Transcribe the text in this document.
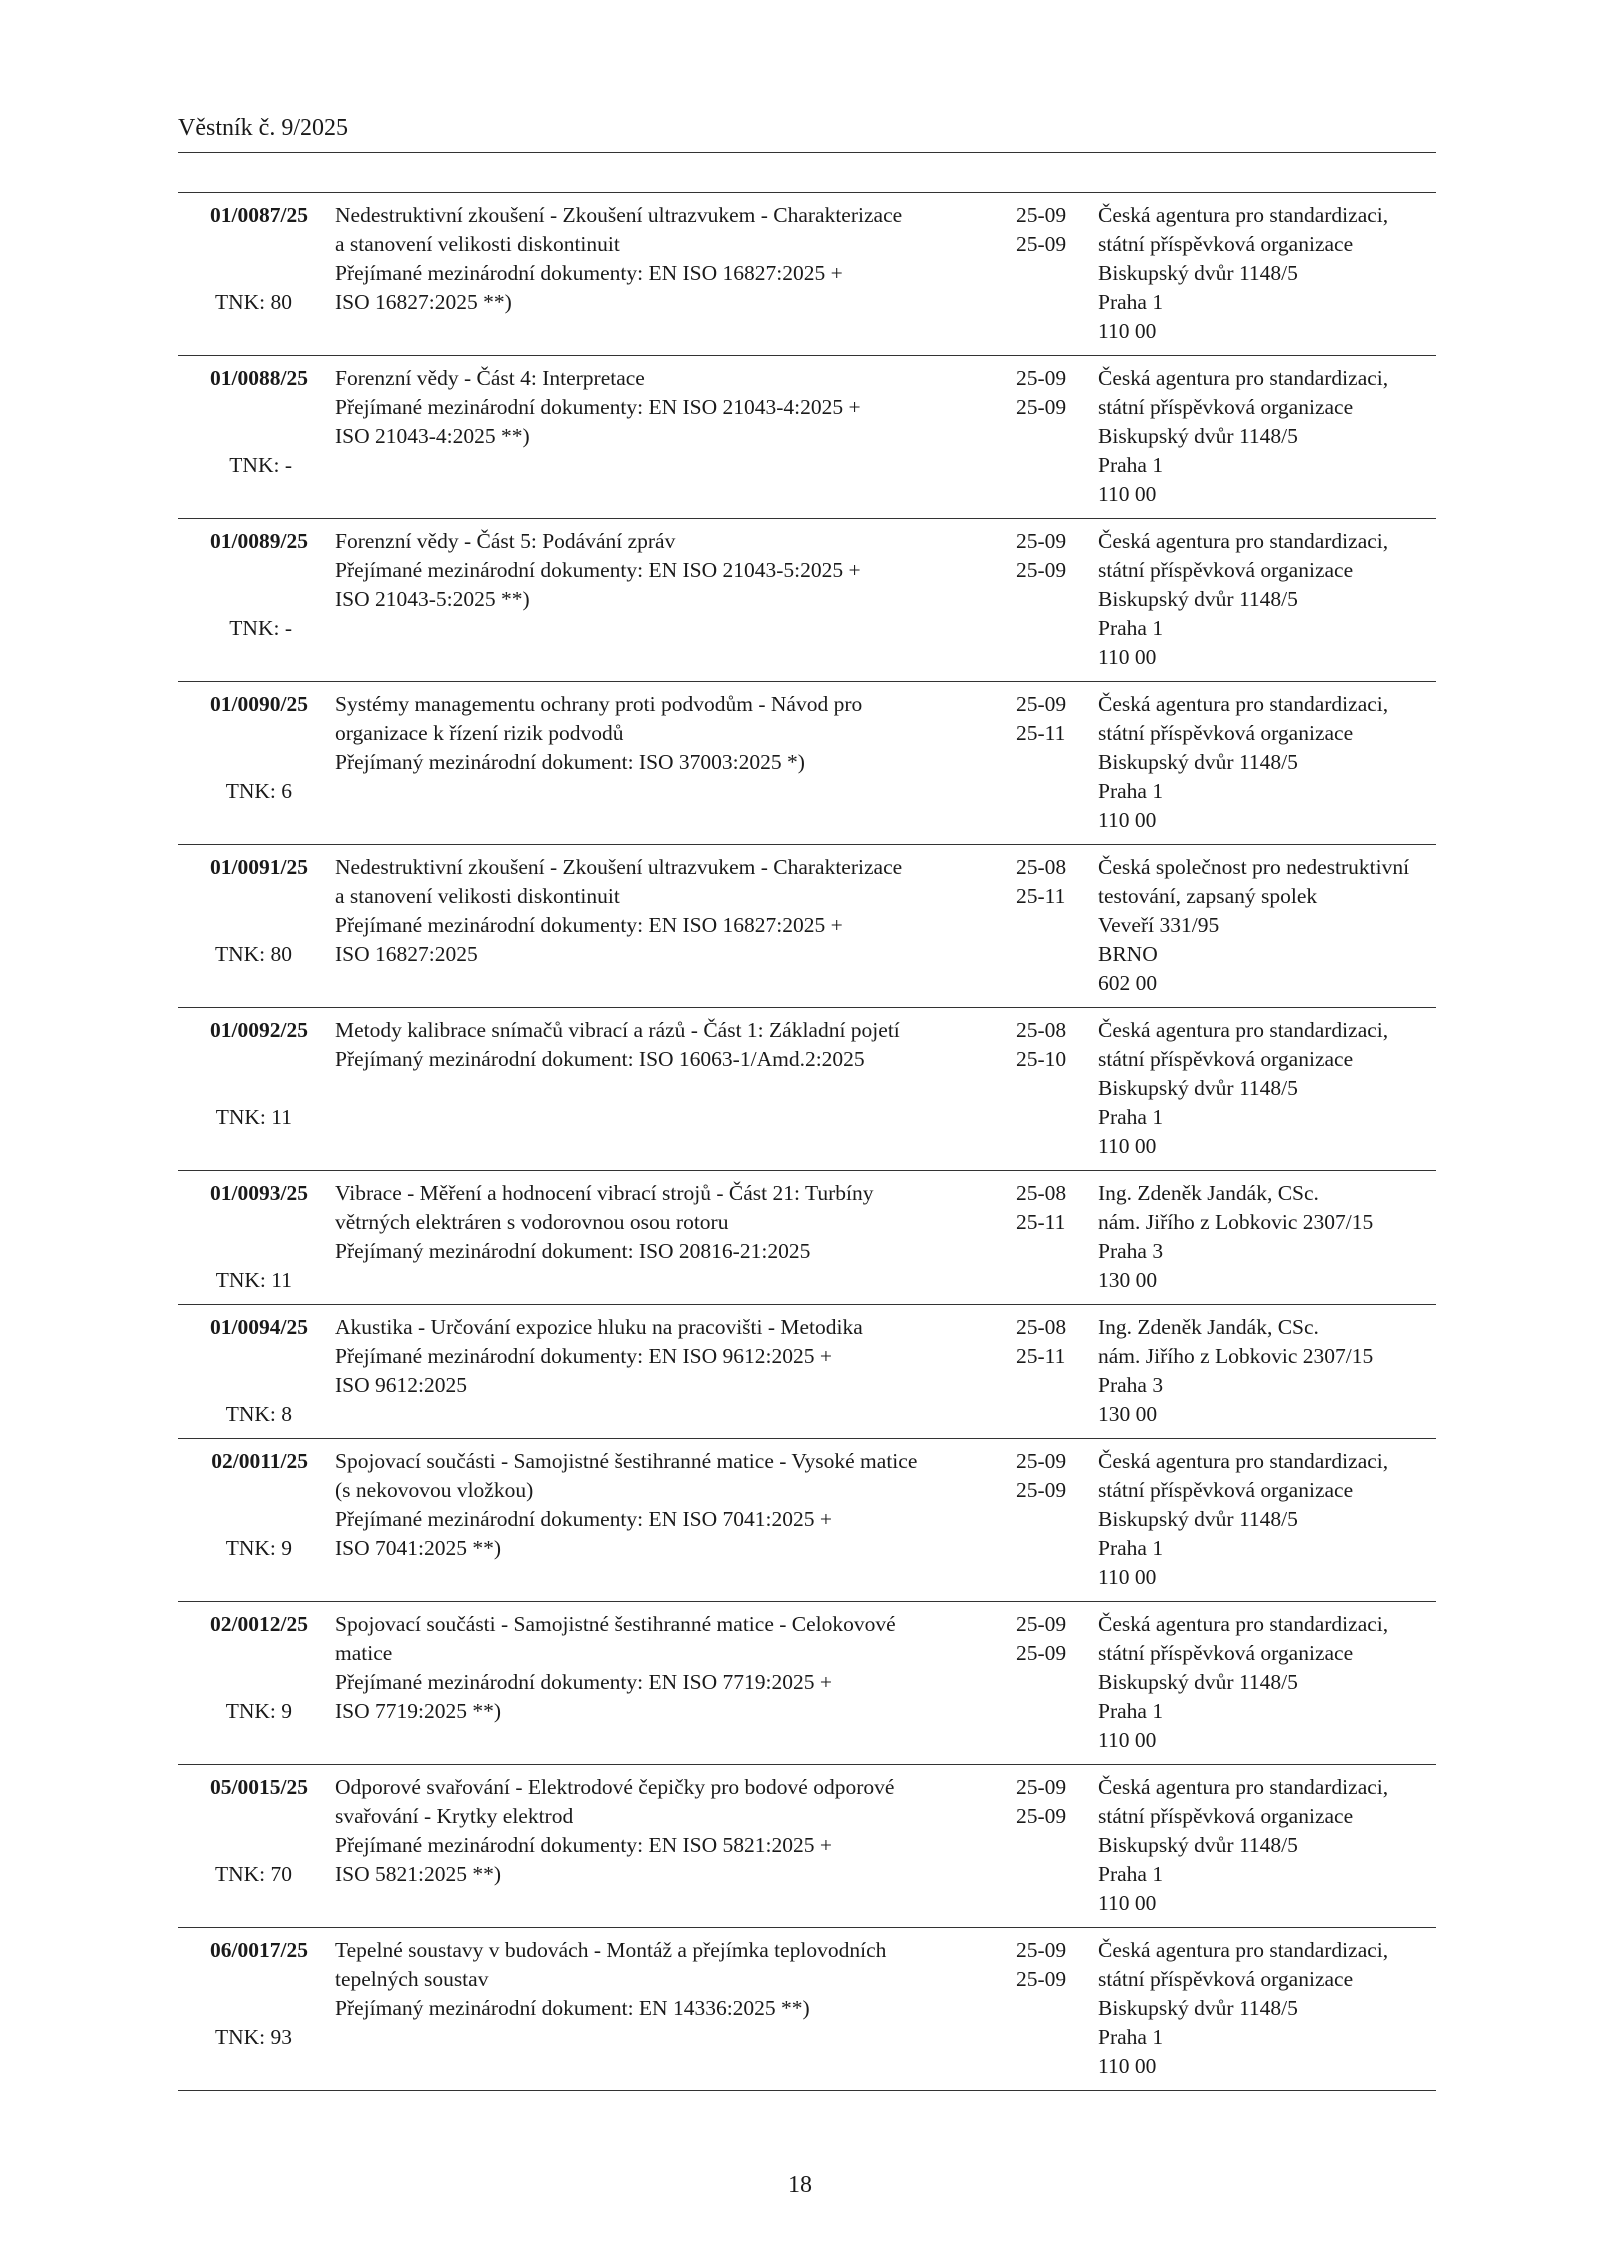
Věstník č. 9/2025
01/0087/25
TNK: 80
Nedestruktivní zkoušení - Zkoušení ultrazvukem - Charakterizace
a stanovení velikosti diskontinuit
Přejímané mezinárodní dokumenty: EN ISO 16827:2025 +
ISO 16827:2025 **)
25-09
25-09
Česká agentura pro standardizaci,
státní příspěvková organizace
Biskupský dvůr 1148/5
Praha 1
110 00
01/0088/25
TNK: -
Forenzní vědy - Část 4: Interpretace
Přejímané mezinárodní dokumenty: EN ISO 21043-4:2025 +
ISO 21043-4:2025 **)
25-09
25-09
Česká agentura pro standardizaci,
státní příspěvková organizace
Biskupský dvůr 1148/5
Praha 1
110 00
01/0089/25
TNK: -
Forenzní vědy - Část 5: Podávání zpráv
Přejímané mezinárodní dokumenty: EN ISO 21043-5:2025 +
ISO 21043-5:2025 **)
25-09
25-09
Česká agentura pro standardizaci,
státní příspěvková organizace
Biskupský dvůr 1148/5
Praha 1
110 00
01/0090/25
TNK: 6
Systémy managementu ochrany proti podvodům - Návod pro
organizace k řízení rizik podvodů
Přejímaný mezinárodní dokument: ISO 37003:2025 *)
25-09
25-11
Česká agentura pro standardizaci,
státní příspěvková organizace
Biskupský dvůr 1148/5
Praha 1
110 00
01/0091/25
TNK: 80
Nedestruktivní zkoušení - Zkoušení ultrazvukem - Charakterizace
a stanovení velikosti diskontinuit
Přejímané mezinárodní dokumenty: EN ISO 16827:2025 +
ISO 16827:2025
25-08
25-11
Česká společnost pro nedestruktivní
testování, zapsaný spolek
Veveří 331/95
BRNO
602 00
01/0092/25
TNK: 11
Metody kalibrace snímačů vibrací a rázů - Část 1: Základní pojetí
Přejímaný mezinárodní dokument: ISO 16063-1/Amd.2:2025
25-08
25-10
Česká agentura pro standardizaci,
státní příspěvková organizace
Biskupský dvůr 1148/5
Praha 1
110 00
01/0093/25
TNK: 11
Vibrace - Měření a hodnocení vibrací strojů - Část 21: Turbíny
větrných elektráren s vodorovnou osou rotoru
Přejímaný mezinárodní dokument: ISO 20816-21:2025
25-08
25-11
Ing. Zdeněk Jandák, CSc.
nám. Jiřího z Lobkovic 2307/15
Praha 3
130 00
01/0094/25
TNK: 8
Akustika - Určování expozice hluku na pracovišti - Metodika
Přejímané mezinárodní dokumenty: EN ISO 9612:2025 +
ISO 9612:2025
25-08
25-11
Ing. Zdeněk Jandák, CSc.
nám. Jiřího z Lobkovic 2307/15
Praha 3
130 00
02/0011/25
TNK: 9
Spojovací součásti - Samojistné šestihranné matice - Vysoké matice
(s nekovovou vložkou)
Přejímané mezinárodní dokumenty: EN ISO 7041:2025 +
ISO 7041:2025 **)
25-09
25-09
Česká agentura pro standardizaci,
státní příspěvková organizace
Biskupský dvůr 1148/5
Praha 1
110 00
02/0012/25
TNK: 9
Spojovací součásti - Samojistné šestihranné matice - Celokovové
matice
Přejímané mezinárodní dokumenty: EN ISO 7719:2025 +
ISO 7719:2025 **)
25-09
25-09
Česká agentura pro standardizaci,
státní příspěvková organizace
Biskupský dvůr 1148/5
Praha 1
110 00
05/0015/25
TNK: 70
Odporové svařování - Elektrodové čepičky pro bodové odporové
svařování - Krytky elektrod
Přejímané mezinárodní dokumenty: EN ISO 5821:2025 +
ISO 5821:2025 **)
25-09
25-09
Česká agentura pro standardizaci,
státní příspěvková organizace
Biskupský dvůr 1148/5
Praha 1
110 00
06/0017/25
TNK: 93
Tepelné soustavy v budovách - Montáž a přejímka teplovodních
tepelných soustav
Přejímaný mezinárodní dokument: EN 14336:2025 **)
25-09
25-09
Česká agentura pro standardizaci,
státní příspěvková organizace
Biskupský dvůr 1148/5
Praha 1
110 00
18
